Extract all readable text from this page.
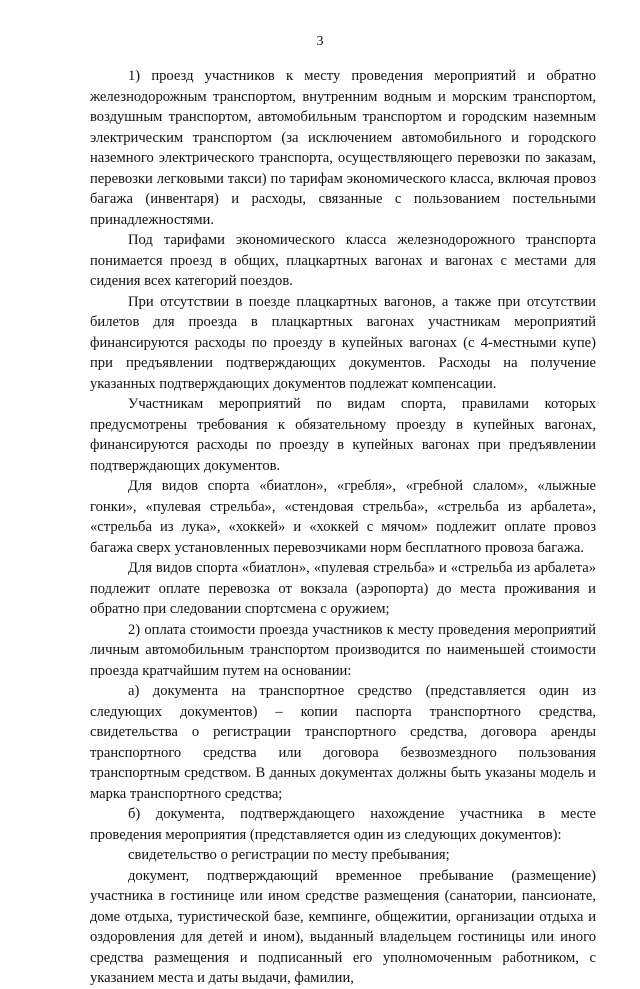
3

1) проезд участников к месту проведения мероприятий и обратно железнодорожным транспортом, внутренним водным и морским транспортом, воздушным транспортом, автомобильным транспортом и городским наземным электрическим транспортом (за исключением автомобильного и городского наземного электрического транспорта, осуществляющего перевозки по заказам, перевозки легковыми такси) по тарифам экономического класса, включая провоз багажа (инвентаря) и расходы, связанные с пользованием постельными принадлежностями.

Под тарифами экономического класса железнодорожного транспорта понимается проезд в общих, плацкартных вагонах и вагонах с местами для сидения всех категорий поездов.

При отсутствии в поезде плацкартных вагонов, а также при отсутствии билетов для проезда в плацкартных вагонах участникам мероприятий финансируются расходы по проезду в купейных вагонах (с 4-местными купе) при предъявлении подтверждающих документов. Расходы на получение указанных подтверждающих документов подлежат компенсации.

Участникам мероприятий по видам спорта, правилами которых предусмотрены требования к обязательному проезду в купейных вагонах, финансируются расходы по проезду в купейных вагонах при предъявлении подтверждающих документов.

Для видов спорта «биатлон», «гребля», «гребной слалом», «лыжные гонки», «пулевая стрельба», «стендовая стрельба», «стрельба из арбалета», «стрельба из лука», «хоккей» и «хоккей с мячом» подлежит оплате провоз багажа сверх установленных перевозчиками норм бесплатного провоза багажа.

Для видов спорта «биатлон», «пулевая стрельба» и «стрельба из арбалета» подлежит оплате перевозка от вокзала (аэропорта) до места проживания и обратно при следовании спортсмена с оружием;

2) оплата стоимости проезда участников к месту проведения мероприятий личным автомобильным транспортом производится по наименьшей стоимости проезда кратчайшим путем на основании:

а) документа на транспортное средство (представляется один из следующих документов) – копии паспорта транспортного средства, свидетельства о регистрации транспортного средства, договора аренды транспортного средства или договора безвозмездного пользования транспортным средством. В данных документах должны быть указаны модель и марка транспортного средства;

б) документа, подтверждающего нахождение участника в месте проведения мероприятия (представляется один из следующих документов):

свидетельство о регистрации по месту пребывания;

документ, подтверждающий временное пребывание (размещение) участника в гостинице или ином средстве размещения (санатории, пансионате, доме отдыха, туристической базе, кемпинге, общежитии, организации отдыха и оздоровления для детей и ином), выданный владельцем гостиницы или иного средства размещения и подписанный его уполномоченным работником, с указанием места и даты выдачи, фамилии,
